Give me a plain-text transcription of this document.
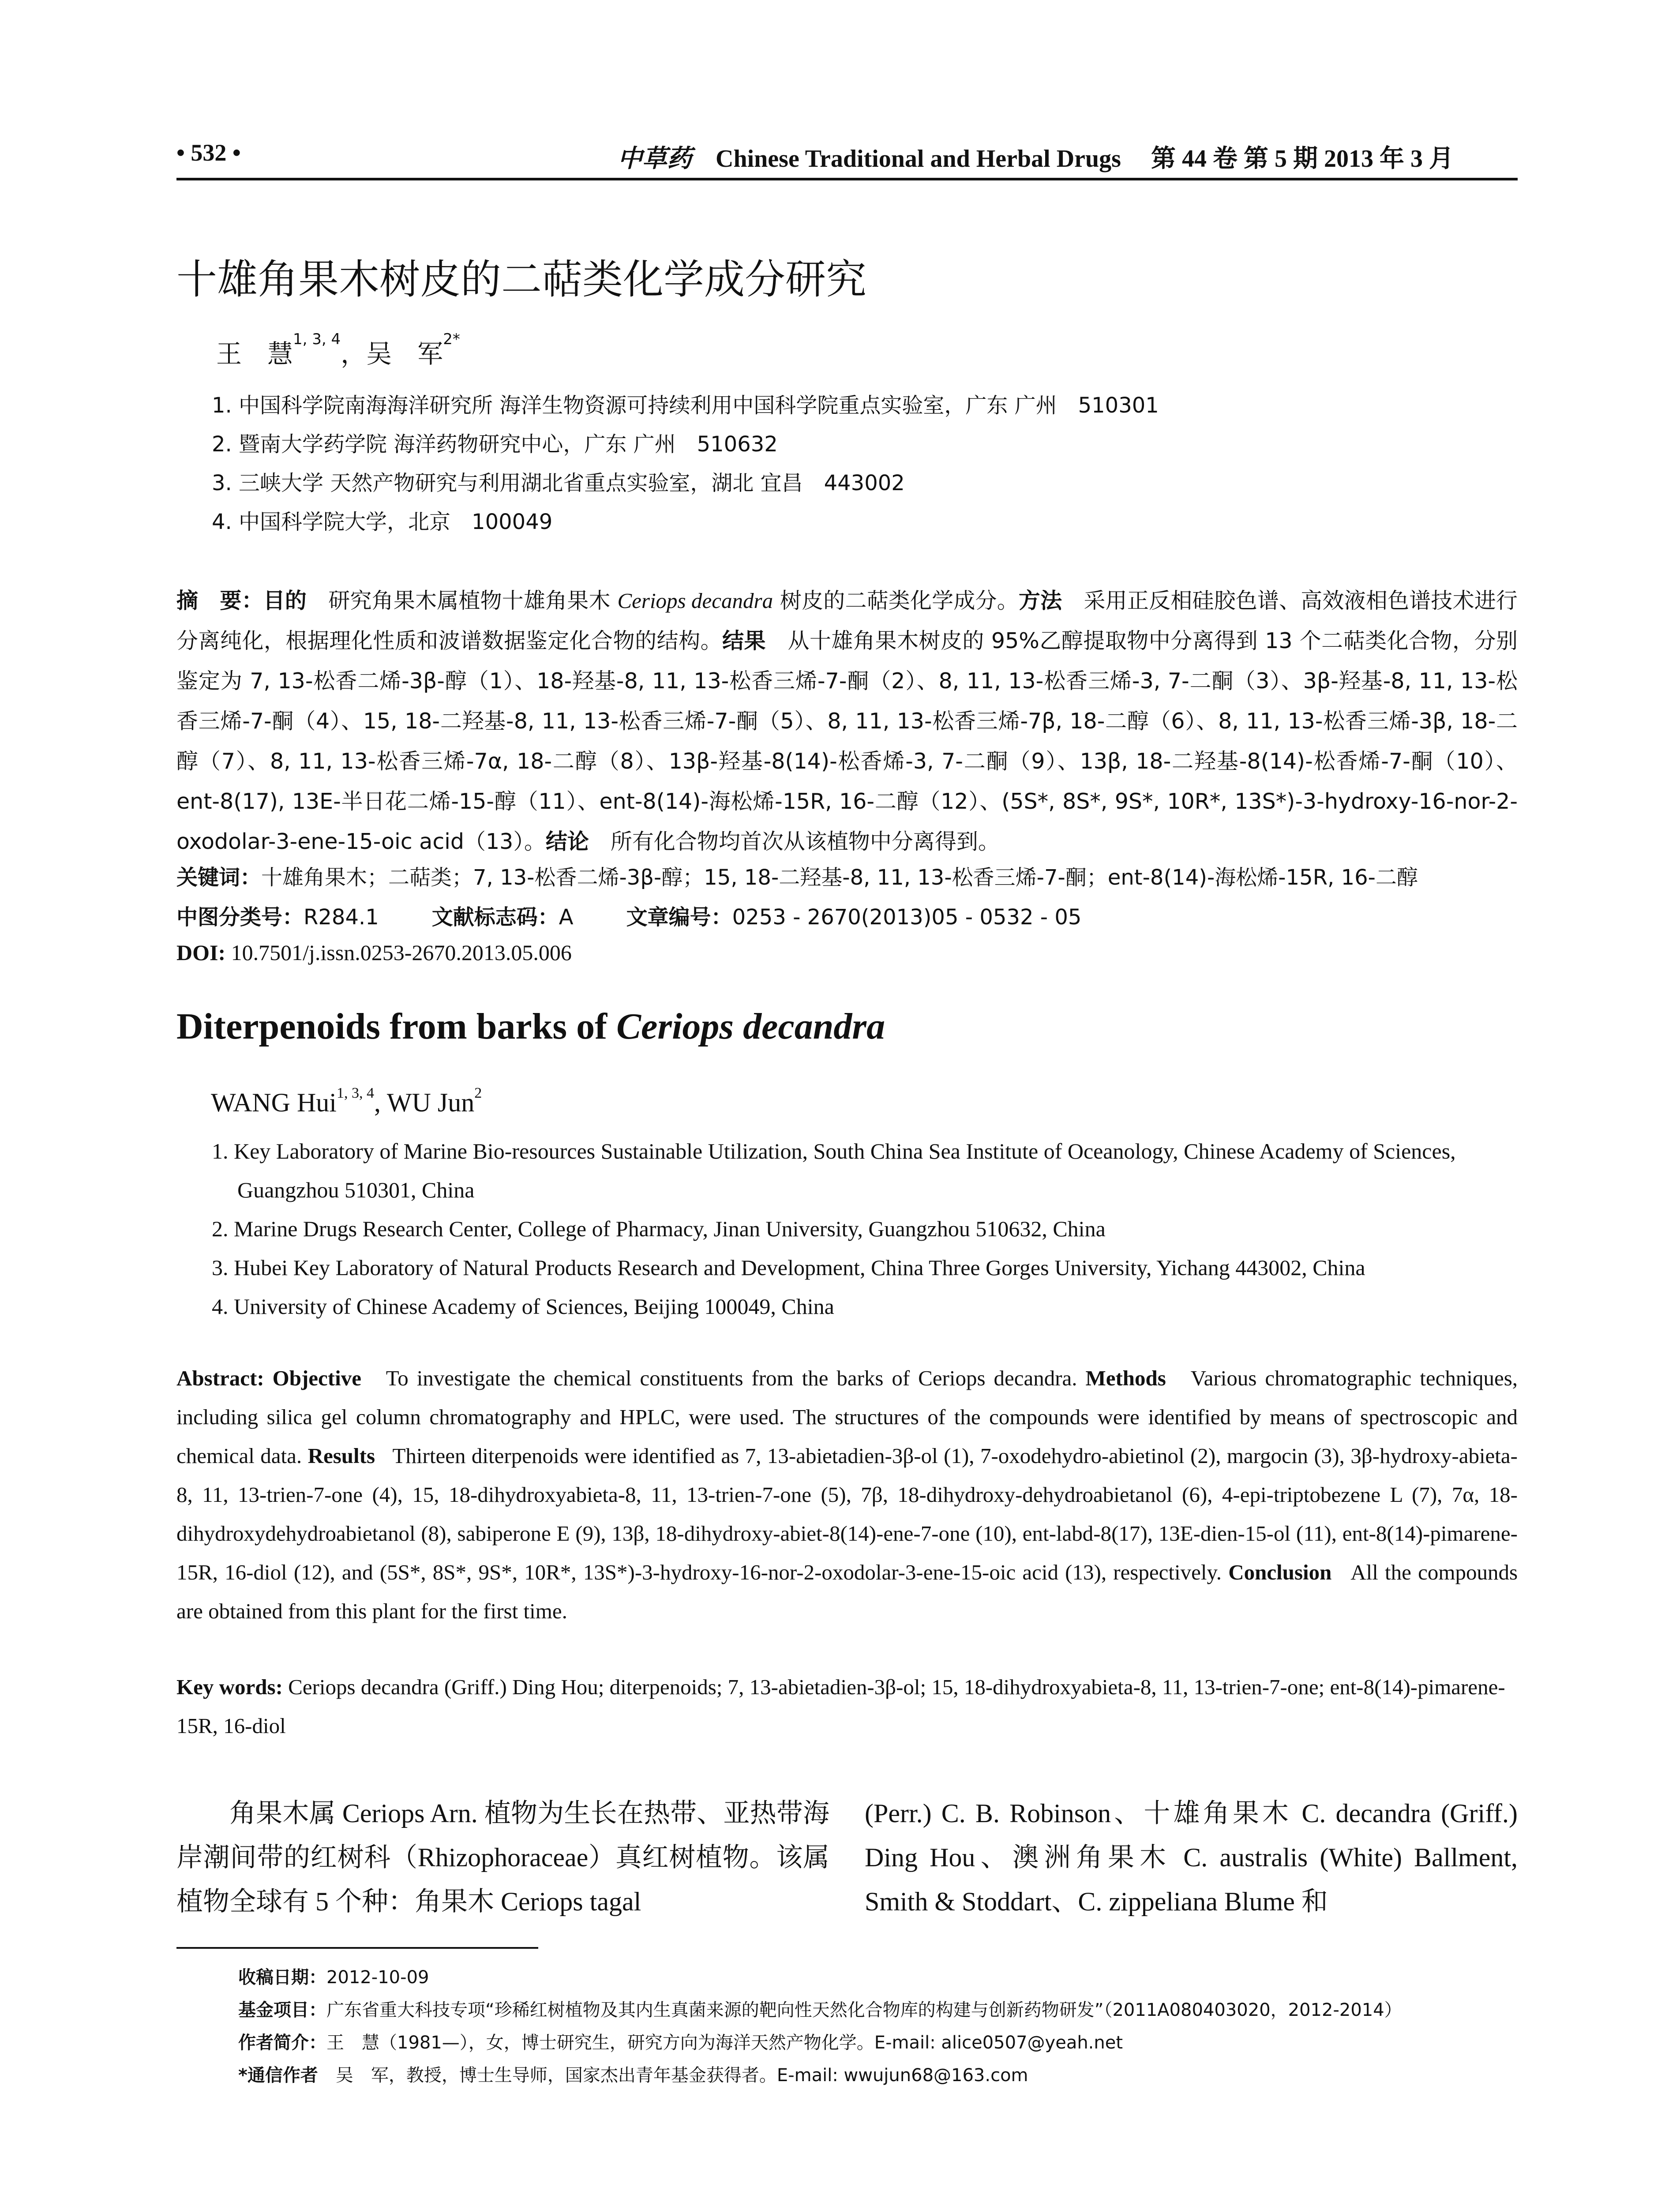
• 532 •	中草药 Chinese Traditional and Herbal Drugs 第 44 卷 第 5 期 2013 年 3 月
十雄角果木树皮的二萜类化学成分研究
王　慧$^{1, 3, 4}$，吴　军$^{2*}$
1. 中国科学院南海海洋研究所 海洋生物资源可持续利用中国科学院重点实验室，广东 广州　510301
2. 暨南大学药学院 海洋药物研究中心，广东 广州　510632
3. 三峡大学 天然产物研究与利用湖北省重点实验室，湖北 宜昌　443002
4. 中国科学院大学，北京　100049
摘　要：目的　 研究角果木属植物十雄角果木 Ceriops decandra 树皮的二萜类化学成分。方法　 采用正反相硅胶色谱、高效液相色谱技术进行分离纯化，根据理化性质和波谱数据鉴定化合物的结构。结果　 从十雄角果木树皮的 95%乙醇提取物中分离得到 13 个二萜类化合物，分别鉴定为 7, 13-松香二烯-3β-醇（1）、18-羟基-8, 11, 13-松香三烯-7-酮（2）、8, 11, 13-松香三烯-3, 7-二酮（3）、3β-羟基-8, 11, 13-松香三烯-7-酮（4）、15, 18-二羟基-8, 11, 13-松香三烯-7-酮（5）、8, 11, 13-松香三烯-7β, 18-二醇（6）、8, 11, 13-松香三烯-3β, 18-二醇（7）、8, 11, 13-松香三烯-7α, 18-二醇（8）、13β-羟基-8(14)-松香烯-3, 7-二酮（9）、13β, 18-二羟基-8(14)-松香烯-7-酮（10）、ent-8(17), 13E-半日花二烯-15-醇（11）、ent-8(14)-海松烯-15R, 16-二醇（12）、(5S*, 8S*, 9S*, 10R*, 13S*)-3-hydroxy-16-nor-2-oxodolar-3-ene-15-oic acid（13）。结论　 所有化合物均首次从该植物中分离得到。
关键词：十雄角果木；二萜类；7, 13-松香二烯-3β-醇；15, 18-二羟基-8, 11, 13-松香三烯-7-酮；ent-8(14)-海松烯-15R, 16-二醇
中图分类号：R284.1	文献标志码：A	文章编号：0253 - 2670(2013)05 - 0532 - 05
DOI: 10.7501/j.issn.0253-2670.2013.05.006
Diterpenoids from barks of Ceriops decandra
WANG Hui$^{1, 3, 4}$, WU Jun$^2$
1. Key Laboratory of Marine Bio-resources Sustainable Utilization, South China Sea Institute of Oceanology, Chinese Academy of Sciences, Guangzhou 510301, China
2. Marine Drugs Research Center, College of Pharmacy, Jinan University, Guangzhou 510632, China
3. Hubei Key Laboratory of Natural Products Research and Development, China Three Gorges University, Yichang 443002, China
4. University of Chinese Academy of Sciences, Beijing 100049, China
Abstract: Objective To investigate the chemical constituents from the barks of Ceriops decandra. Methods Various chromatographic techniques, including silica gel column chromatography and HPLC, were used. The structures of the compounds were identified by means of spectroscopic and chemical data. Results Thirteen diterpenoids were identified as 7, 13-abietadien-3β-ol (1), 7-oxodehydro-abietinol (2), margocin (3), 3β-hydroxy-abieta-8, 11, 13-trien-7-one (4), 15, 18-dihydroxyabieta-8, 11, 13-trien-7-one (5), 7β, 18-dihydroxy-dehydroabietanol (6), 4-epi-triptobezene L (7), 7α, 18-dihydroxydehydroabietanol (8), sabiperone E (9), 13β, 18-dihydroxy-abiet-8(14)-ene-7-one (10), ent-labd-8(17), 13E-dien-15-ol (11), ent-8(14)-pimarene-15R, 16-diol (12), and (5S*, 8S*, 9S*, 10R*, 13S*)-3-hydroxy-16-nor-2-oxodolar-3-ene-15-oic acid (13), respectively. Conclusion All the compounds are obtained from this plant for the first time.
Key words: Ceriops decandra (Griff.) Ding Hou; diterpenoids; 7, 13-abietadien-3β-ol; 15, 18-dihydroxyabieta-8, 11, 13-trien-7-one; ent-8(14)-pimarene-15R, 16-diol
角果木属 Ceriops Arn. 植物为生长在热带、亚热带海岸潮间带的红树科（Rhizophoraceae）真红树植物。该属植物全球有 5 个种：角果木 Ceriops tagal
(Perr.) C. B. Robinson、十雄角果木 C. decandra (Griff.) Ding Hou、澳洲角果木 C. australis (White) Ballment, Smith & Stoddart、C. zippeliana Blume 和
收稿日期：2012-10-09
基金项目：广东省重大科技专项“珍稀红树植物及其内生真菌来源的靶向性天然化合物库的构建与创新药物研发”（2011A080403020，2012-2014）
作者简介：王　慧（1981—），女，博士研究生，研究方向为海洋天然产物化学。E-mail: alice0507@yeah.net
*通信作者　 吴　军，教授，博士生导师，国家杰出青年基金获得者。E-mail: wwujun68@163.com
